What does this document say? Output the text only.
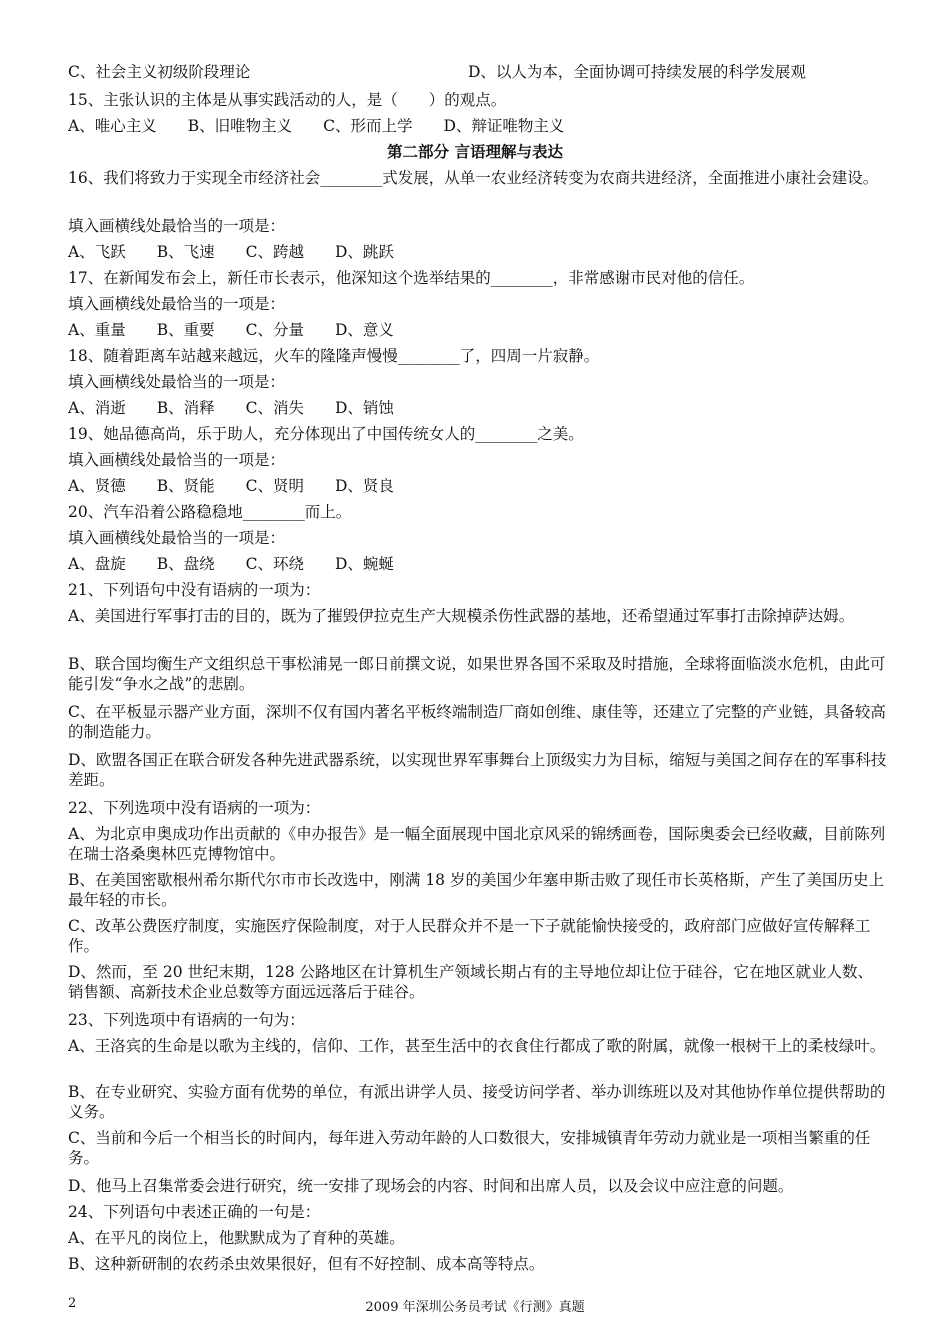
C、社会主义初级阶段理论	D、以人为本，全面协调可持续发展的科学发展观
15、主张认识的主体是从事实践活动的人，是（　　）的观点。
A、唯心主义　　B、旧唯物主义　　C、形而上学　　D、辩证唯物主义
第二部分 言语理解与表达
16、我们将致力于实现全市经济社会________式发展，从单一农业经济转变为农商共进经济，全面推进小康社会建设。
填入画横线处最恰当的一项是：
A、飞跃　　B、飞速　　C、跨越　　D、跳跃
17、在新闻发布会上，新任市长表示，他深知这个选举结果的________，非常感谢市民对他的信任。
填入画横线处最恰当的一项是：
A、重量　　B、重要　　C、分量　　D、意义
18、随着距离车站越来越远，火车的隆隆声慢慢________了，四周一片寂静。
填入画横线处最恰当的一项是：
A、消逝　　B、消释　　C、消失　　D、销蚀
19、她品德高尚，乐于助人，充分体现出了中国传统女人的________之美。
填入画横线处最恰当的一项是：
A、贤德　　B、贤能　　C、贤明　　D、贤良
20、汽车沿着公路稳稳地________而上。
填入画横线处最恰当的一项是：
A、盘旋　　B、盘绕　　C、环绕　　D、蜿蜒
21、下列语句中没有语病的一项为：
A、美国进行军事打击的目的，既为了摧毁伊拉克生产大规模杀伤性武器的基地，还希望通过军事打击除掉萨达姆。
B、联合国均衡生产文组织总干事松浦晃一郎日前撰文说，如果世界各国不采取及时措施，全球将面临淡水危机，由此可能引发“争水之战”的悲剧。
C、在平板显示器产业方面，深圳不仅有国内著名平板终端制造厂商如创维、康佳等，还建立了完整的产业链，具备较高的制造能力。
D、欧盟各国正在联合研发各种先进武器系统，以实现世界军事舞台上顶级实力为目标，缩短与美国之间存在的军事科技差距。
22、下列选项中没有语病的一项为：
A、为北京申奥成功作出贡献的《申办报告》是一幅全面展现中国北京风采的锦绣画卷，国际奥委会已经收藏，目前陈列在瑞士洛桑奥林匹克博物馆中。
B、在美国密歇根州希尔斯代尔市市长改选中，刚满 18 岁的美国少年塞申斯击败了现任市长英格斯，产生了美国历史上最年轻的市长。
C、改革公费医疗制度，实施医疗保险制度，对于人民群众并不是一下子就能愉快接受的，政府部门应做好宣传解释工作。
D、然而，至 20 世纪末期，128 公路地区在计算机生产领域长期占有的主导地位却让位于硅谷，它在地区就业人数、销售额、高新技术企业总数等方面远远落后于硅谷。
23、下列选项中有语病的一句为：
A、王洛宾的生命是以歌为主线的，信仰、工作，甚至生活中的衣食住行都成了歌的附属，就像一根树干上的柔枝绿叶。
B、在专业研究、实验方面有优势的单位，有派出讲学人员、接受访问学者、举办训练班以及对其他协作单位提供帮助的义务。
C、当前和今后一个相当长的时间内，每年进入劳动年龄的人口数很大，安排城镇青年劳动力就业是一项相当繁重的任务。
D、他马上召集常委会进行研究，统一安排了现场会的内容、时间和出席人员，以及会议中应注意的问题。
24、下列语句中表述正确的一句是：
A、在平凡的岗位上，他默默成为了育种的英雄。
B、这种新研制的农药杀虫效果很好，但有不好控制、成本高等特点。
2	2009 年深圳公务员考试《行测》真题
